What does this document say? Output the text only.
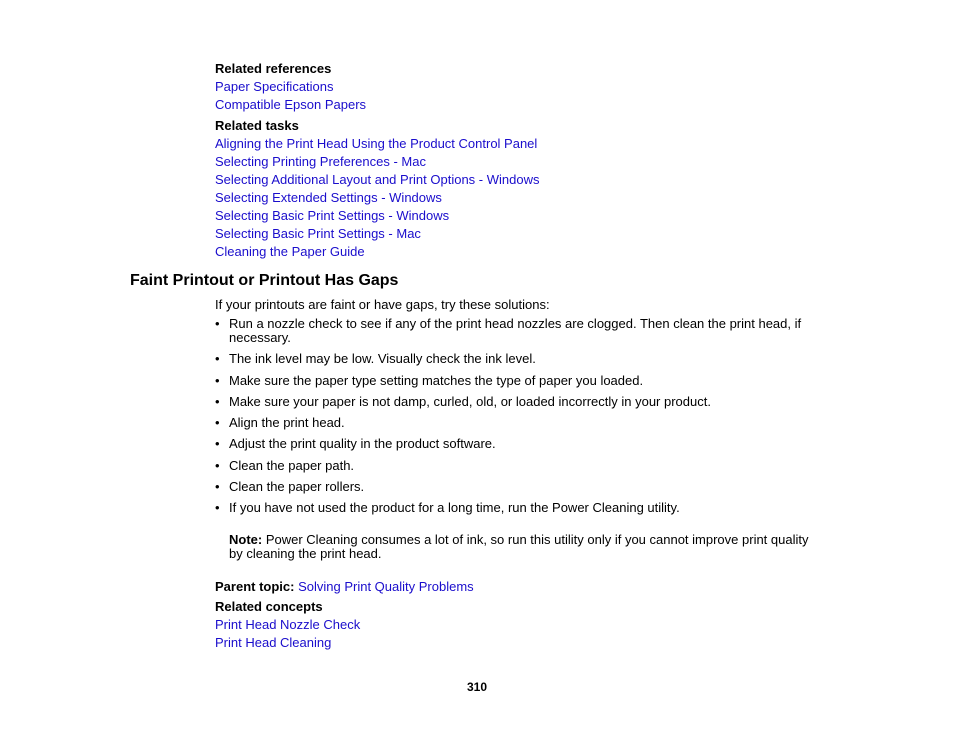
Related references
Paper Specifications
Compatible Epson Papers
Related tasks
Aligning the Print Head Using the Product Control Panel
Selecting Printing Preferences - Mac
Selecting Additional Layout and Print Options - Windows
Selecting Extended Settings - Windows
Selecting Basic Print Settings - Windows
Selecting Basic Print Settings - Mac
Cleaning the Paper Guide
Faint Printout or Printout Has Gaps
If your printouts are faint or have gaps, try these solutions:
• Run a nozzle check to see if any of the print head nozzles are clogged. Then clean the print head, if necessary.
• The ink level may be low. Visually check the ink level.
• Make sure the paper type setting matches the type of paper you loaded.
• Make sure your paper is not damp, curled, old, or loaded incorrectly in your product.
• Align the print head.
• Adjust the print quality in the product software.
• Clean the paper path.
• Clean the paper rollers.
• If you have not used the product for a long time, run the Power Cleaning utility.
Note: Power Cleaning consumes a lot of ink, so run this utility only if you cannot improve print quality by cleaning the print head.
Parent topic: Solving Print Quality Problems
Related concepts
Print Head Nozzle Check
Print Head Cleaning
310
